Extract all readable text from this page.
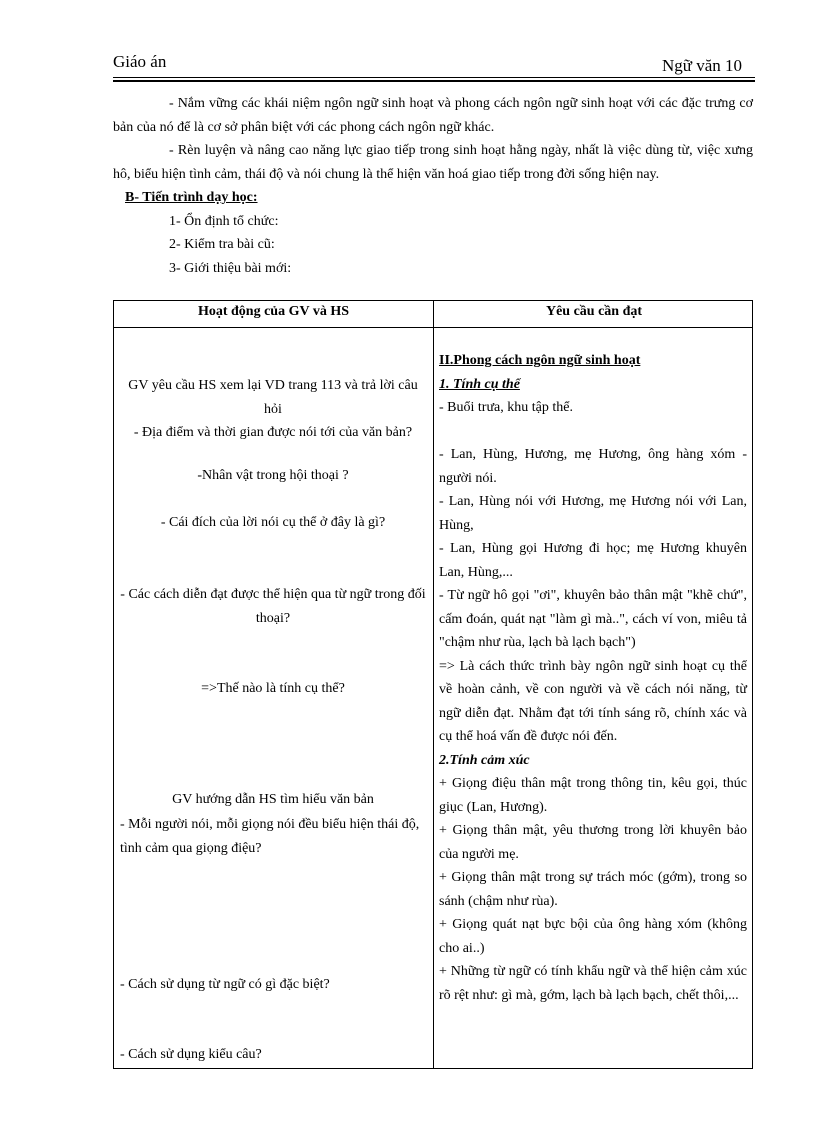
Giáo án	Ngữ văn 10

- Nắm vững các khái niệm ngôn ngữ sinh hoạt và phong cách ngôn ngữ sinh hoạt với các đặc trưng cơ bản của nó để là cơ sở phân biệt với các phong cách ngôn ngữ khác.

- Rèn luyện và nâng cao năng lực giao tiếp trong sinh hoạt hằng ngày, nhất là việc dùng từ, việc xưng hô, biểu hiện tình cảm, thái độ và nói chung là thể hiện văn hoá giao tiếp trong đời sống hiện nay.

B- Tiến trình dạy học:

1- Ổn định tổ chức:

2- Kiểm tra bài cũ:

3- Giới thiệu bài mới:

Hoạt động của GV và HS	Yêu cầu cần đạt

GV yêu cầu HS xem lại VD trang 113 và trả lời câu hỏi

- Địa điểm và thời gian được nói tới của văn bản?

-Nhân vật trong hội thoại ?

- Cái đích của lời nói cụ thể ở đây là gì?

- Các cách diễn đạt được thể hiện qua từ ngữ trong đối thoại?

=>Thế nào là tính cụ thể?

GV hướng dẫn HS tìm hiểu văn bản

- Mỗi người nói, mỗi giọng nói đều biểu hiện thái độ, tình cảm qua giọng điệu?

- Cách sử dụng từ ngữ có gì đặc biệt?

- Cách sử dụng kiểu câu?

II.Phong cách ngôn ngữ sinh hoạt

1. Tính cụ thể

- Buổi trưa, khu tập thể.

- Lan, Hùng, Hương, mẹ Hương, ông hàng xóm - người nói.

- Lan, Hùng nói với Hương, mẹ Hương nói với Lan, Hùng,

- Lan, Hùng gọi Hương đi học; mẹ Hương khuyên Lan, Hùng,...

- Từ ngữ hô gọi "ơi", khuyên bảo thân mật "khẽ chứ", cấm đoán, quát nạt "làm gì mà..", cách ví von, miêu tả "chậm như rùa, lạch bà lạch bạch")

=> Là cách thức trình bày ngôn ngữ sinh hoạt cụ thể về hoàn cảnh, về con người và về cách nói năng, từ ngữ diễn đạt. Nhằm đạt tới tính sáng rõ, chính xác và cụ thể hoá vấn đề được nói đến.

2.Tính cảm xúc

+ Giọng điệu thân mật trong thông tin, kêu gọi, thúc giục (Lan, Hương).

+ Giọng thân mật, yêu thương trong lời khuyên bảo của người mẹ.

+ Giọng thân mật trong sự trách móc (gớm), trong so sánh (chậm như rùa).

+ Giọng quát nạt bực bội của ông hàng xóm (không cho ai..)

+ Những từ ngữ có tính khẩu ngữ và thể hiện cảm xúc rõ rệt như: gì mà, gớm, lạch bà lạch bạch, chết thôi,...
